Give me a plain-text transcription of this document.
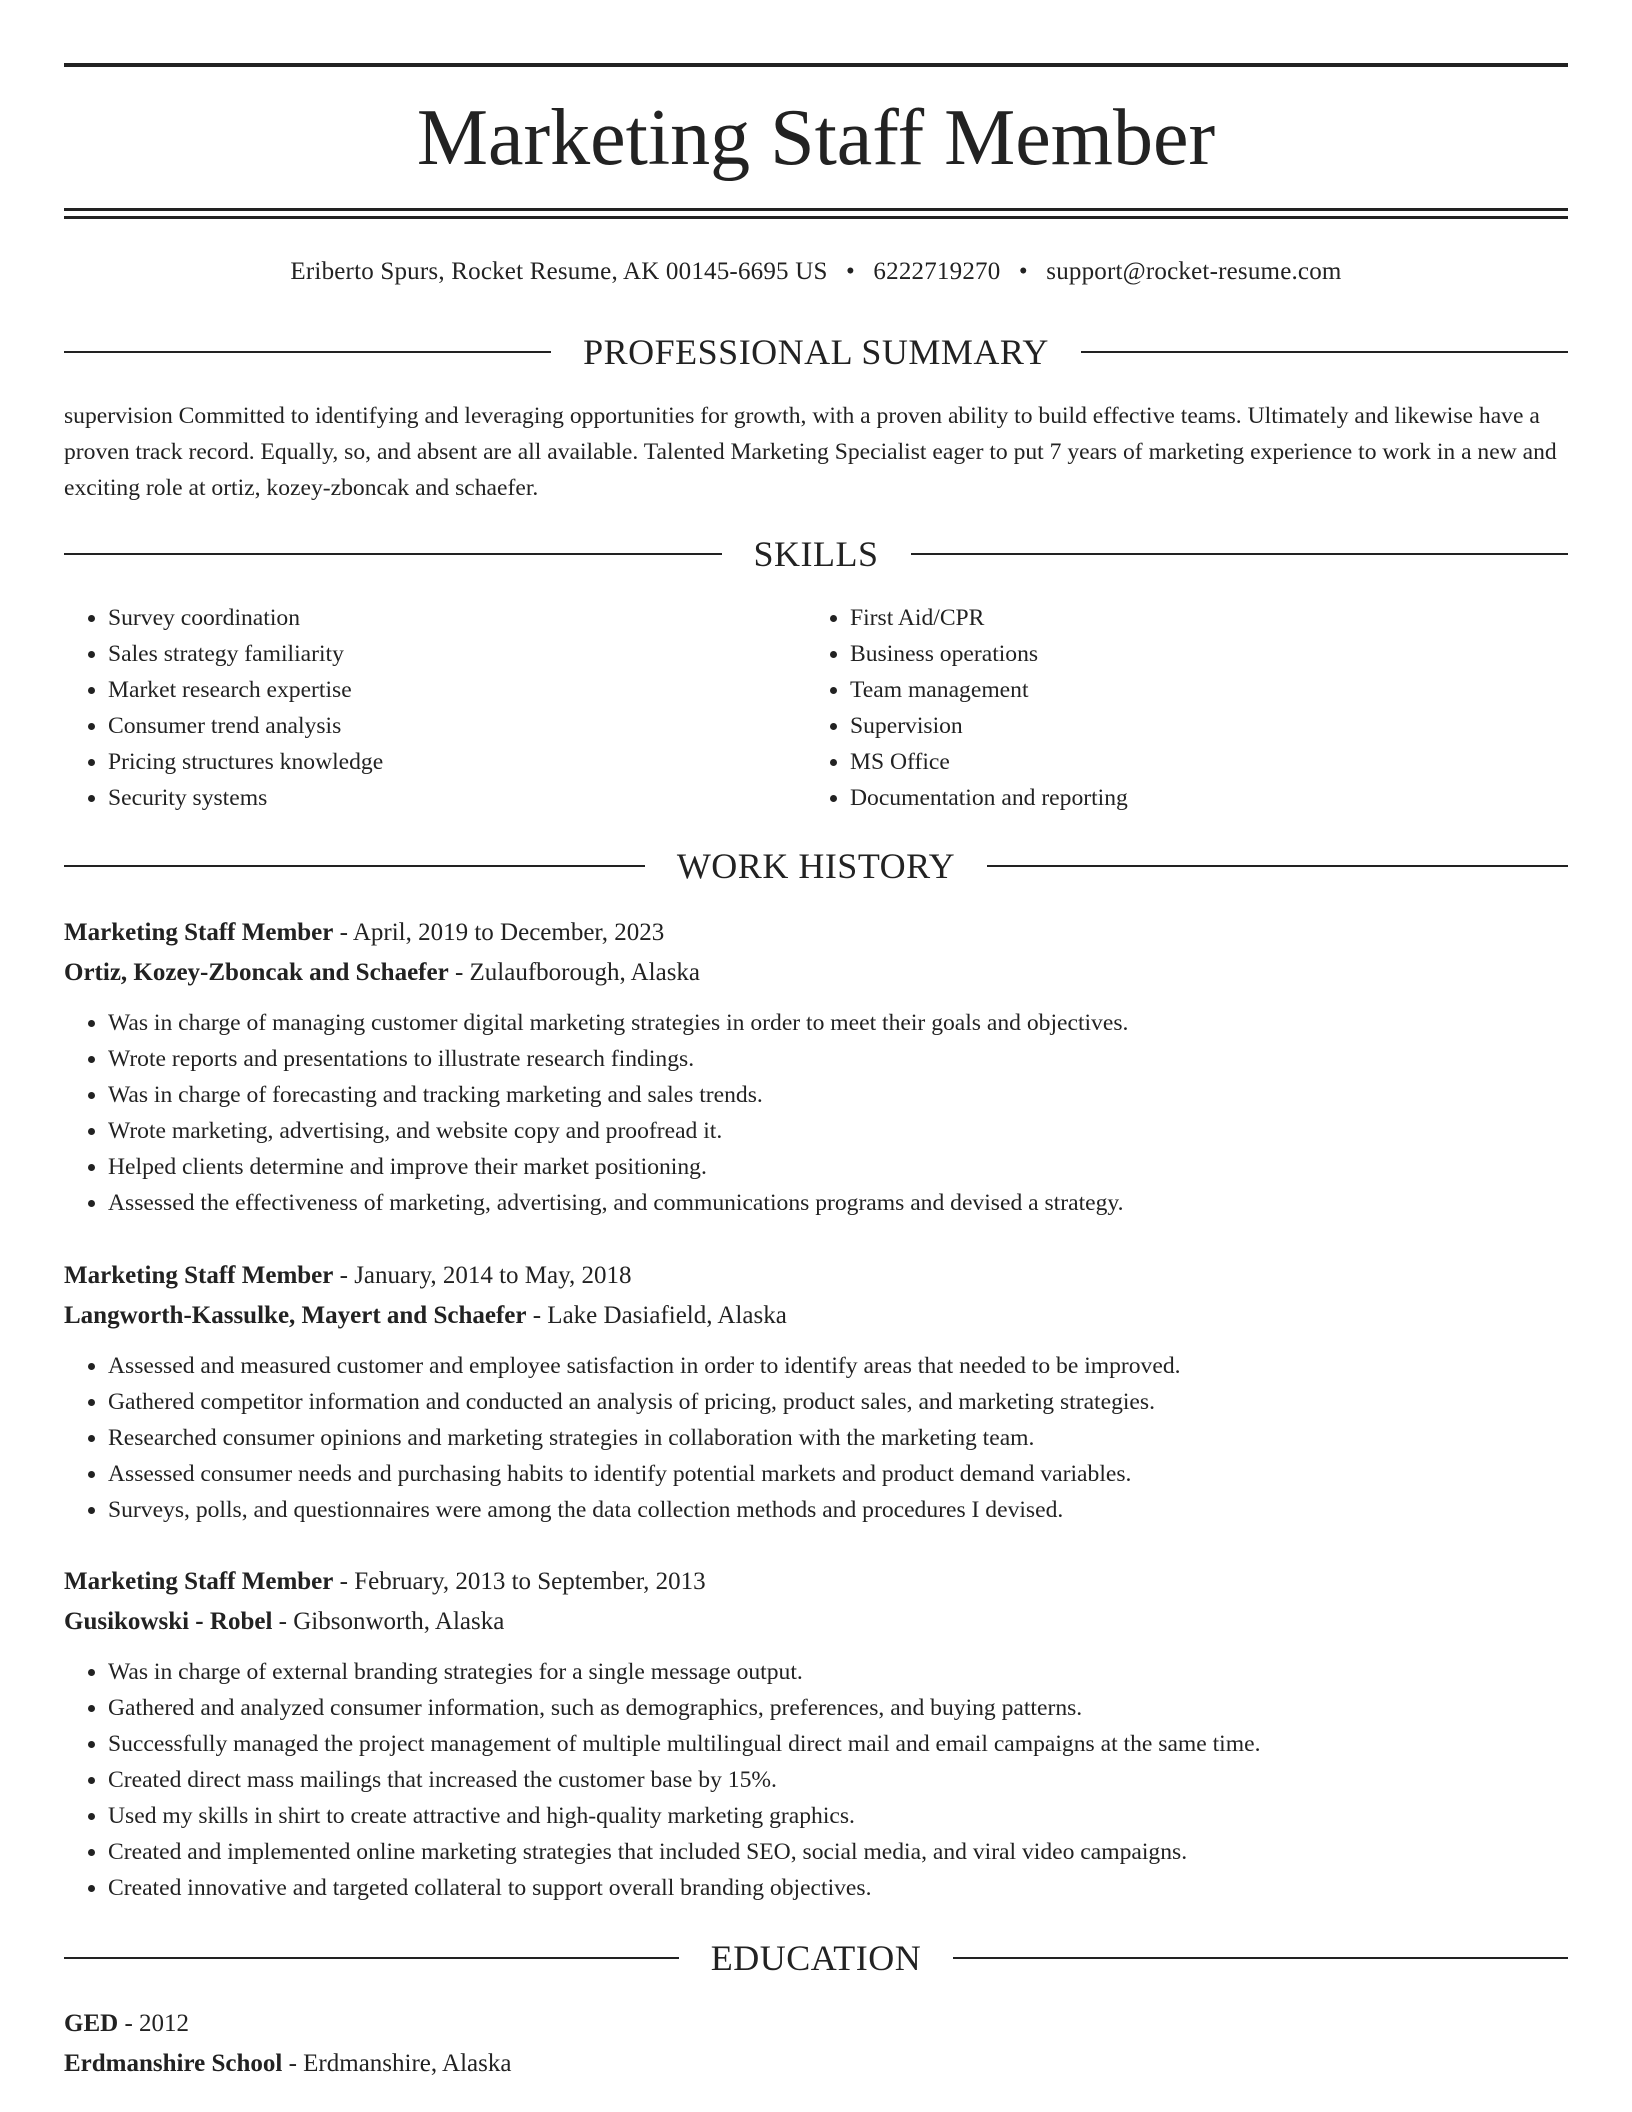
Marketing Staff Member
Eriberto Spurs, Rocket Resume, AK 00145-6695 US • 6222719270 • support@rocket-resume.com
PROFESSIONAL SUMMARY

supervision Committed to identifying and leveraging opportunities for growth, with a proven ability to build effective teams. Ultimately and likewise have a proven track record. Equally, so, and absent are all available. Talented Marketing Specialist eager to put 7 years of marketing experience to work in a new and exciting role at ortiz, kozey-zboncak and schaefer.

SKILLS
• Survey coordination
• Sales strategy familiarity
• Market research expertise
• Consumer trend analysis
• Pricing structures knowledge
• Security systems
• First Aid/CPR
• Business operations
• Team management
• Supervision
• MS Office
• Documentation and reporting
WORK HISTORY

Marketing Staff Member - April, 2019 to December, 2023

Ortiz, Kozey-Zboncak and Schaefer - Zulaufborough, Alaska

• Was in charge of managing customer digital marketing strategies in order to meet their goals and objectives.
• Wrote reports and presentations to illustrate research findings.
• Was in charge of forecasting and tracking marketing and sales trends.
• Wrote marketing, advertising, and website copy and proofread it.
• Helped clients determine and improve their market positioning.
• Assessed the effectiveness of marketing, advertising, and communications programs and devised a strategy.

Marketing Staff Member - January, 2014 to May, 2018

Langworth-Kassulke, Mayert and Schaefer - Lake Dasiafield, Alaska

• Assessed and measured customer and employee satisfaction in order to identify areas that needed to be improved.
• Gathered competitor information and conducted an analysis of pricing, product sales, and marketing strategies.
• Researched consumer opinions and marketing strategies in collaboration with the marketing team.
• Assessed consumer needs and purchasing habits to identify potential markets and product demand variables.
• Surveys, polls, and questionnaires were among the data collection methods and procedures I devised.

Marketing Staff Member - February, 2013 to September, 2013

Gusikowski - Robel - Gibsonworth, Alaska

• Was in charge of external branding strategies for a single message output.
• Gathered and analyzed consumer information, such as demographics, preferences, and buying patterns.
• Successfully managed the project management of multiple multilingual direct mail and email campaigns at the same time.
• Created direct mass mailings that increased the customer base by 15%.
• Used my skills in shirt to create attractive and high-quality marketing graphics.
• Created and implemented online marketing strategies that included SEO, social media, and viral video campaigns.
• Created innovative and targeted collateral to support overall branding objectives.
EDUCATION

GED - 2012

Erdmanshire School - Erdmanshire, Alaska
